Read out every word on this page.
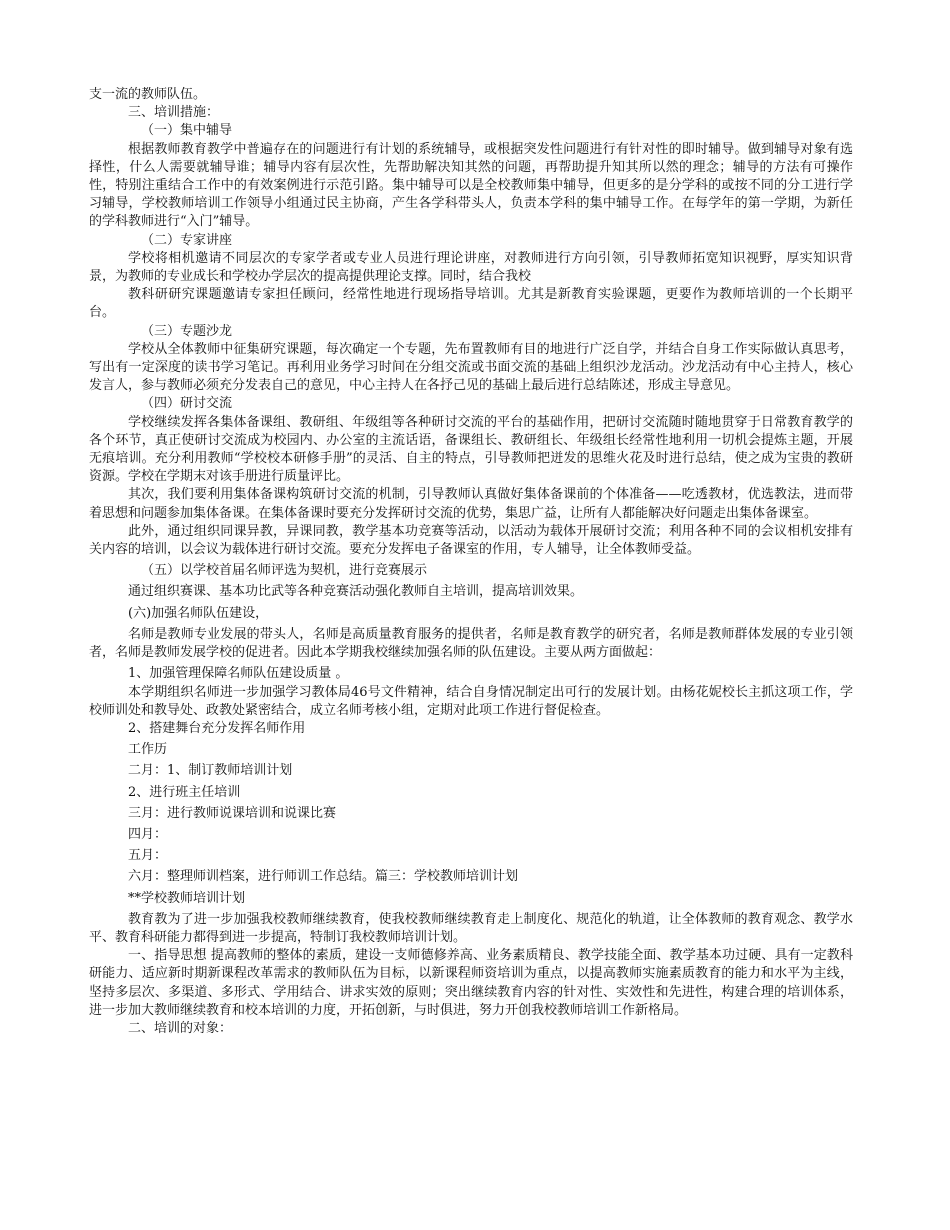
支一流的教师队伍。

三、培训措施：

（一）集中辅导

根据教师教育教学中普遍存在的问题进行有计划的系统辅导，或根据突发性问题进行有针对性的即时辅导。做到辅导对象有选择性，什么人需要就辅导谁；辅导内容有层次性，先帮助解决知其然的问题，再帮助提升知其所以然的理念；辅导的方法有可操作性，特别注重结合工作中的有效案例进行示范引路。集中辅导可以是全校教师集中辅导，但更多的是分学科的或按不同的分工进行学习辅导，学校教师培训工作领导小组通过民主协商，产生各学科带头人，负责本学科的集中辅导工作。在每学年的第一学期，为新任的学科教师进行“入门”辅导。

（二）专家讲座

学校将相机邀请不同层次的专家学者或专业人员进行理论讲座，对教师进行方向引领，引导教师拓宽知识视野，厚实知识背景，为教师的专业成长和学校办学层次的提高提供理论支撑。同时，结合我校

教科研研究课题邀请专家担任顾问，经常性地进行现场指导培训。尤其是新教育实验课题，更要作为教师培训的一个长期平台。

（三）专题沙龙

学校从全体教师中征集研究课题，每次确定一个专题，先布置教师有目的地进行广泛自学，并结合自身工作实际做认真思考，写出有一定深度的读书学习笔记。再利用业务学习时间在分组交流或书面交流的基础上组织沙龙活动。沙龙活动有中心主持人，核心发言人，参与教师必须充分发表自己的意见，中心主持人在各抒己见的基础上最后进行总结陈述，形成主导意见。

（四）研讨交流

学校继续发挥各集体备课组、教研组、年级组等各种研讨交流的平台的基础作用，把研讨交流随时随地贯穿于日常教育教学的各个环节，真正使研讨交流成为校园内、办公室的主流话语，备课组长、教研组长、年级组长经常性地利用一切机会提炼主题，开展无痕培训。充分利用教师“学校校本研修手册”的灵活、自主的特点，引导教师把迸发的思维火花及时进行总结，使之成为宝贵的教研资源。学校在学期末对该手册进行质量评比。

其次，我们要利用集体备课构筑研讨交流的机制，引导教师认真做好集体备课前的个体准备——吃透教材，优选教法，进而带着思想和问题参加集体备课。在集体备课时要充分发挥研讨交流的优势，集思广益，让所有人都能解决好问题走出集体备课室。

此外，通过组织同课异教，异课同教，教学基本功竞赛等活动，以活动为载体开展研讨交流；利用各种不同的会议相机安排有关内容的培训，以会议为载体进行研讨交流。要充分发挥电子备课室的作用，专人辅导，让全体教师受益。

（五）以学校首届名师评选为契机，进行竞赛展示

通过组织赛课、基本功比武等各种竞赛活动强化教师自主培训，提高培训效果。

(六)加强名师队伍建设，

名师是教师专业发展的带头人，名师是高质量教育服务的提供者，名师是教育教学的研究者，名师是教师群体发展的专业引领者，名师是教师发展学校的促进者。因此本学期我校继续加强名师的队伍建设。主要从两方面做起：

1、加强管理保障名师队伍建设质量 。

本学期组织名师进一步加强学习教体局46号文件精神，结合自身情况制定出可行的发展计划。由杨花妮校长主抓这项工作，学校师训处和教导处、政教处紧密结合，成立名师考核小组，定期对此项工作进行督促检查。

2、搭建舞台充分发挥名师作用

工作历

二月：1、制订教师培训计划

2、进行班主任培训

三月：进行教师说课培训和说课比赛

四月：

五月：

六月：整理师训档案，进行师训工作总结。篇三：学校教师培训计划

**学校教师培训计划

教育教为了进一步加强我校教师继续教育，使我校教师继续教育走上制度化、规范化的轨道，让全体教师的教育观念、教学水平、教育科研能力都得到进一步提高，特制订我校教师培训计划。

一、指导思想 提高教师的整体的素质，建设一支师德修养高、业务素质精良、教学技能全面、教学基本功过硬、具有一定教科研能力、适应新时期新课程改革需求的教师队伍为目标，以新课程师资培训为重点，以提高教师实施素质教育的能力和水平为主线，坚持多层次、多渠道、多形式、学用结合、讲求实效的原则；突出继续教育内容的针对性、实效性和先进性，构建合理的培训体系，进一步加大教师继续教育和校本培训的力度，开拓创新，与时俱进，努力开创我校教师培训工作新格局。

二、培训的对象：
